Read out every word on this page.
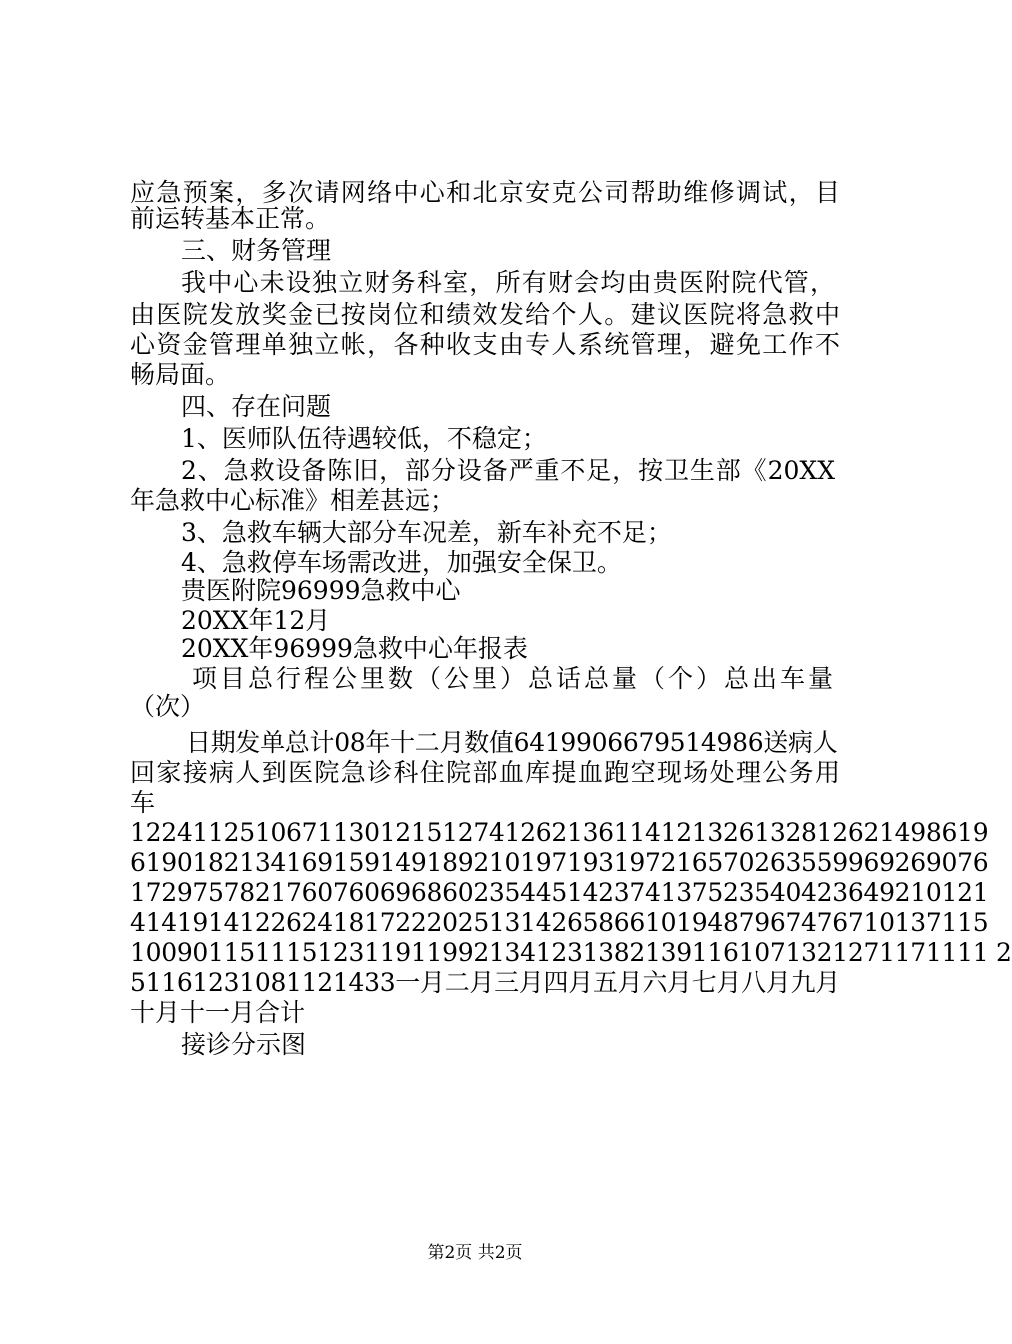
应急预案，多次请网络中心和北京安克公司帮助维修调试，目
前运转基本正常。
三、财务管理
我中心未设独立财务科室，所有财会均由贵医附院代管，
由医院发放奖金已按岗位和绩效发给个人。建议医院将急救中
心资金管理单独立帐，各种收支由专人系统管理，避免工作不
畅局面。
四、存在问题
1、医师队伍待遇较低，不稳定；
2、急救设备陈旧，部分设备严重不足，按卫生部《20XX
年急救中心标准》相差甚远；
3、急救车辆大部分车况差，新车补充不足；
4、急救停车场需改进，加强安全保卫。
贵医附院96999急救中心
20XX年12月
20XX年96999急救中心年报表
项目总行程公里数（公里）总话总量（个）总出车量
（次）
日期发单总计08年十二月数值6419906679514986送病人
回家接病人到医院急诊科住院部血库提血跑空现场处理公务用
车
1224112510671130121512741262136114121326132812621498619
6190182134169159149189210197193197216570263559969269076
1729757821760760696860235445142374137523540423649210121
4141914122624181722202513142658661019487967476710137115
1009011511151231191199213412313821391161071321271171111 2
51161231081121433一月二月三月四月五月六月七月八月九月
十月十一月合计
接诊分示图
第2页 共2页
